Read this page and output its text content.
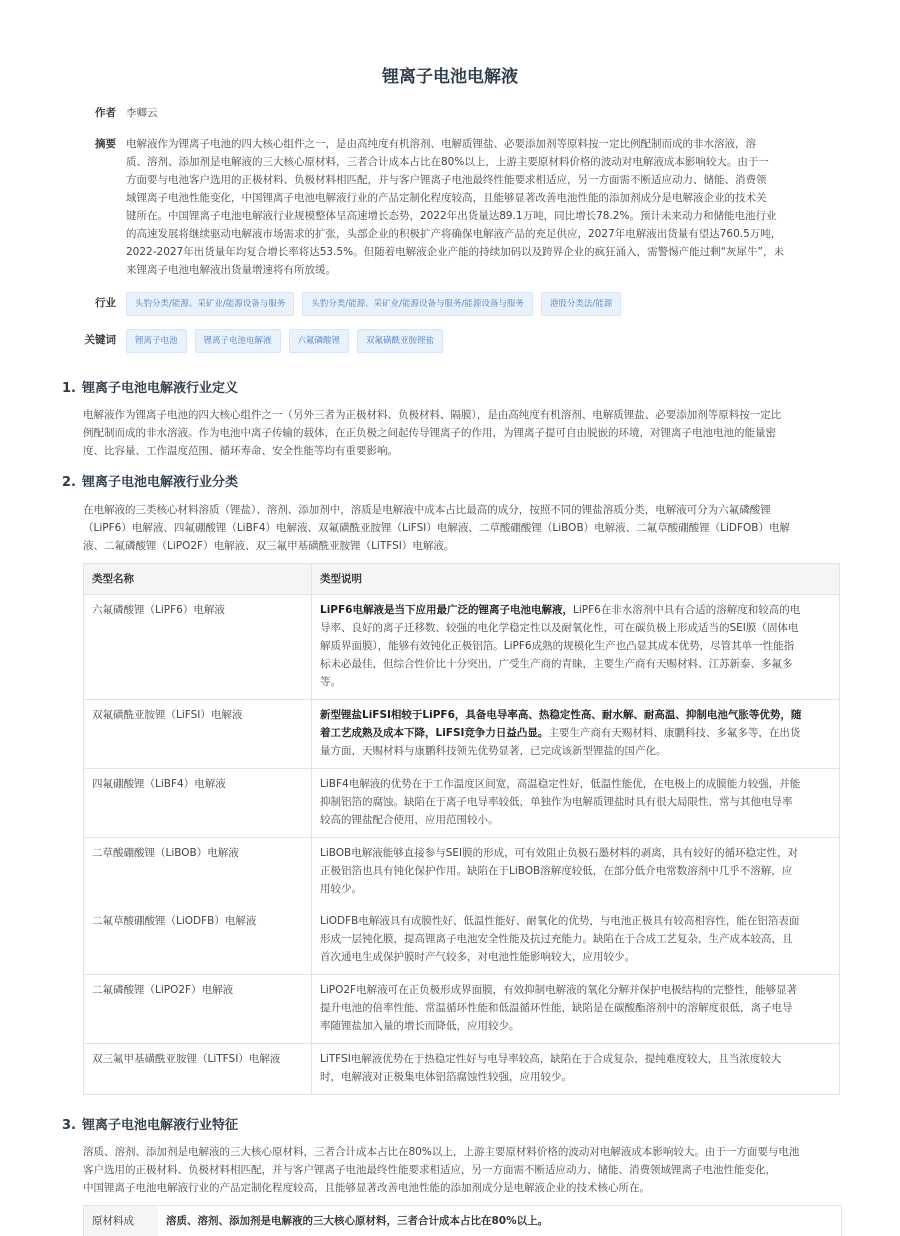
锂离子电池电解液
作者 李卿云
摘要 电解液作为锂离子电池的四大核心组件之一，是由高纯度有机溶剂、电解质锂盐、必要添加剂等原料按一定比例配制而成的非水溶液，溶
质、溶剂、添加剂是电解液的三大核心原材料，三者合计成本占比在80%以上，上游主要原材料价格的波动对电解液成本影响较大。由于一
方面要与电池客户选用的正极材料、负极材料相匹配，并与客户锂离子电池最终性能要求相适应，另一方面需不断适应动力、储能、消费领
域锂离子电池性能变化，中国锂离子电池电解液行业的产品定制化程度较高，且能够显著改善电池性能的添加剂成分是电解液企业的技术关
键所在。中国锂离子电池电解液行业规模整体呈高速增长态势，2022年出货量达89.1万吨，同比增长78.2%。预计未来动力和储能电池行业
的高速发展将继续驱动电解液市场需求的扩张，头部企业的积极扩产将确保电解液产品的充足供应，2027年电解液出货量有望达760.5万吨，
2022-2027年出货量年均复合增长率将达53.5%。但随着电解液企业产能的持续加码以及跨界企业的疯狂涌入，需警惕产能过剩“灰犀牛”，未
来锂离子电池电解液出货量增速将有所放缓。
行业	头豹分类/能源、采矿业/能源设备与服务	头豹分类/能源、采矿业/能源设备与服务/能源设备与服务	港股分类法/能源
关键词	锂离子电池	锂离子电池电解液	六氟磷酸锂	双氟磺酰亚胺锂盐
1. 锂离子电池电解液行业定义
电解液作为锂离子电池的四大核心组件之一（另外三者为正极材料、负极材料、隔膜），是由高纯度有机溶剂、电解质锂盐、必要添加剂等原料按一定比
例配制而成的非水溶液。作为电池中离子传输的载体，在正负极之间起传导锂离子的作用，为锂离子提可自由脱嵌的环境，对锂离子电池电池的能量密
度、比容量、工作温度范围、循环寿命、安全性能等均有重要影响。
2. 锂离子电池电解液行业分类
在电解液的三类核心材料溶质（锂盐）、溶剂、添加剂中，溶质是电解液中成本占比最高的成分，按照不同的锂盐溶质分类，电解液可分为六氟磷酸锂
（LiPF6）电解液、四氟硼酸锂（LiBF4）电解液、双氟磺酰亚胺锂（LiFSI）电解液、二草酸硼酸锂（LiBOB）电解液、二氟草酸硼酸锂（LiDFOB）电解
液、二氟磷酸锂（LiPO2F）电解液、双三氟甲基磺酰亚胺锂（LiTFSI）电解液。
类型名称	类型说明
六氟磷酸锂（LiPF6）电解液	LiPF6电解液是当下应用最广泛的锂离子电池电解液，LiPF6在非水溶剂中具有合适的溶解度和较高的电
导率、良好的离子迁移数、较强的电化学稳定性以及耐氧化性，可在碳负极上形成适当的SEI膜（固体电
解质界面膜），能够有效钝化正极铝箔。LiPF6成熟的规模化生产也凸显其成本优势，尽管其单一性能指
标未必最佳，但综合性价比十分突出，广受生产商的青睐，主要生产商有天赐材料、江苏新泰、多氟多
等。

双氟磺酰亚胺锂（LiFSI）电解液	新型锂盐LiFSI相较于LiPF6，具备电导率高、热稳定性高、耐水解、耐高温、抑制电池气胀等优势，随
着工艺成熟及成本下降，LiFSI竞争力日益凸显。主要生产商有天赐材料、康鹏科技、多氟多等，在出货
量方面，天赐材料与康鹏科技领先优势显著，已完成该新型锂盐的国产化。

四氟硼酸锂（LiBF4）电解液	LiBF4电解液的优势在于工作温度区间宽，高温稳定性好，低温性能优，在电极上的成膜能力较强，并能
抑制铝箔的腐蚀。缺陷在于离子电导率较低，单独作为电解质锂盐时具有很大局限性，常与其他电导率
较高的锂盐配合使用，应用范围较小。

二草酸硼酸锂（LiBOB）电解液	LiBOB电解液能够直接参与SEI膜的形成，可有效阻止负极石墨材料的剥离，具有较好的循环稳定性，对
正极铝箔也具有钝化保护作用。缺陷在于LiBOB溶解度较低，在部分低介电常数溶剂中几乎不溶解，应
用较少。

二氟草酸硼酸锂（LiODFB）电解液	LiODFB电解液具有成膜性好、低温性能好、耐氧化的优势，与电池正极具有较高相容性，能在铝箔表面
形成一层钝化膜，提高锂离子电池安全性能及抗过充能力。缺陷在于合成工艺复杂，生产成本较高，且
首次通电生成保护膜时产气较多，对电池性能影响较大，应用较少。

二氟磷酸锂（LiPO2F）电解液	LiPO2F电解液可在正负极形成界面膜，有效抑制电解液的氧化分解并保护电极结构的完整性，能够显著
提升电池的倍率性能、常温循环性能和低温循环性能，缺陷是在碳酸酯溶剂中的溶解度很低，离子电导
率随锂盐加入量的增长而降低，应用较少。

双三氟甲基磺酰亚胺锂（LiTFSI）电解液	LiTFSI电解液优势在于热稳定性好与电导率较高，缺陷在于合成复杂，提纯难度较大，且当浓度较大
时，电解液对正极集电体铝箔腐蚀性较强，应用较少。
3. 锂离子电池电解液行业特征
溶质、溶剂、添加剂是电解液的三大核心原材料，三者合计成本占比在80%以上，上游主要原材料价格的波动对电解液成本影响较大。由于一方面要与电池
客户选用的正极材料、负极材料相匹配，并与客户锂离子电池最终性能要求相适应，另一方面需不断适应动力、储能、消费领域锂离子电池性能变化，
中国锂离子电池电解液行业的产品定制化程度较高，且能够显著改善电池性能的添加剂成分是电解液企业的技术核心所在。
原材料成	溶质、溶剂、添加剂是电解液的三大核心原材料，三者合计成本占比在80%以上。
